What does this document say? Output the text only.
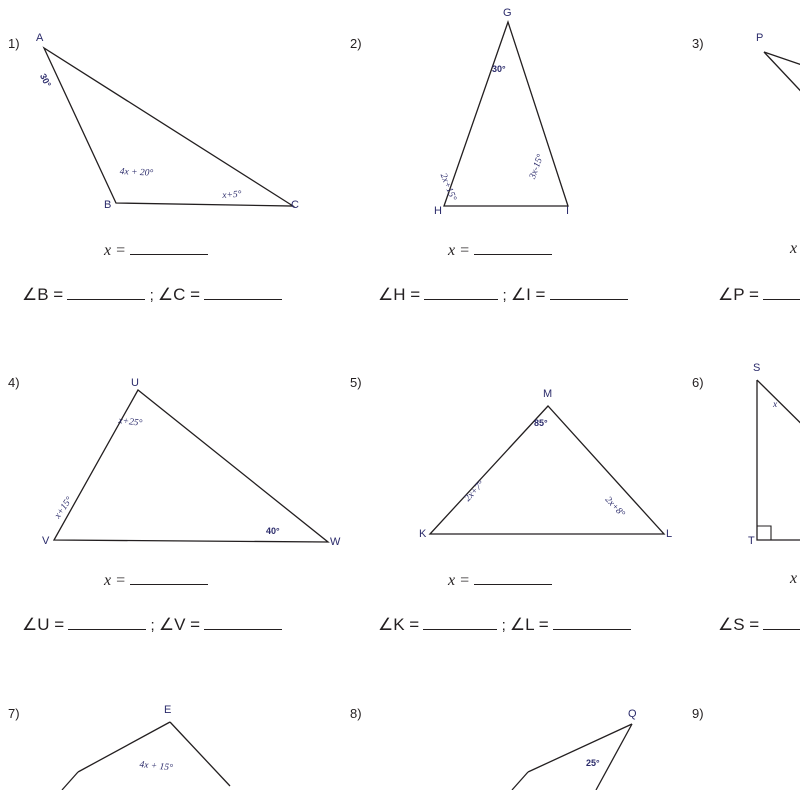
1) A
B	C
30°
4x + 20°
x+5°
x =
∠B =	; ∠C =
2)
G
H	I
30°
2x+15°
3x-15°
x =
∠H =	; ∠I =
3)	P
x
∠P =
4)	U
V	W
x+25°
x+15°
40°
x =
∠U =	; ∠V =
5)
M
K	L
85°
2x+7°
2x+8°
x =
∠K =	; ∠L =
6)
S
T
x
x
∠S =
7)	E
4x + 15°
8)	Q
25°
9)
